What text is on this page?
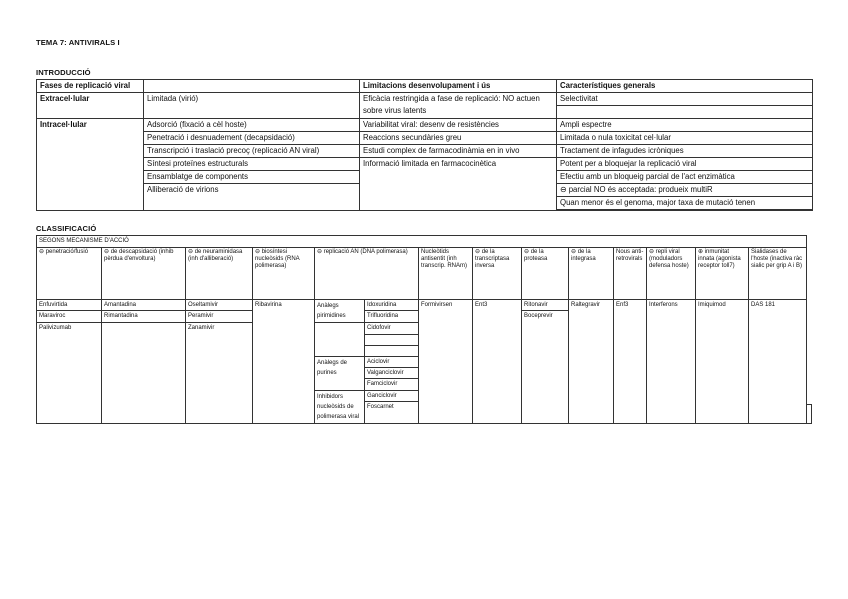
TEMA 7: ANTIVIRALS I
INTRODUCCIÓ
Fases de replicació viral		Limitacions desenvolupament i ús	Característiques generals
Extracel·lular	Limitada (virió)	Eficàcia restringida a fase de replicació: NO actuen sobre virus latents	Selectivitat

Intracel·lular	Adsorció (fixació a cèl hoste)	Variabilitat viral: desenv de resistències	Ampli espectre
	Penetració i desnuadement (decapsidació)	Reaccions secundàries greu	Limitada o nula toxicitat cel·lular
	Transcripció i traslació precoç (replicació AN viral)	Estudi complex de farmacodinàmia en in vivo	Tractament de infagudes icròniques
	Síntesi proteïnes estructurals	Informació limitada en farmacocinètica	Potent per a bloquejar la replicació viral
	Ensamblatge de components		Efectiu amb un bloqueig parcial de l'act enzimàtica
	Alliberació de virions		⊖ parcial NO és acceptada: produeix multiR
			Quan menor és el genoma, major taxa de mutació tenen

CLASSIFICACIÓ
SEGONS MECANISME D'ACCIÓ														
⊖ penetració/fusió	⊖ de descapsidació (inhib pèrdua d'envoltura)	⊖ de neuraminidasa (inh d'alliberació)	⊖ biosíntesi nucleòsids (RNA polimerasa)	⊖ replicació AN (DNA polimerasa)		Nucleòtids antisentit (inh transcrip. RNAm)	⊖ de la transcriptasa inversa	⊖ de la proteasa	⊖ de la integrasa	Nous anti-retrovirals	⊖ repli viral (moduladors defensa hoste)	⊕ inmunitat innata (agonista receptor toll7)	Sialidases de l'hoste (inactiva ràc sialic per grip A i B)	
Enfuvirtida	Amantadina	Oseltamivir	Ribavirina	Anàlegs pirimidines	Idoxuridina	Formivirsen	Ent3	Ritonavir	Raltegravir	Enf3	Interferons	Imiquimod	DAS 181	
Maraviroc	Rimantadina	Peramivir			Trifluoridina			Boceprevir						
Palivizumab		Zanamivir			Cidofovir									

				Anàlegs de purines	Aciclovir									
					Valganciclovir									
					Famciclovir									
				Inhibidors nucleòsids de polimerasa viral	Ganciclovir									
					Foscarnet									
